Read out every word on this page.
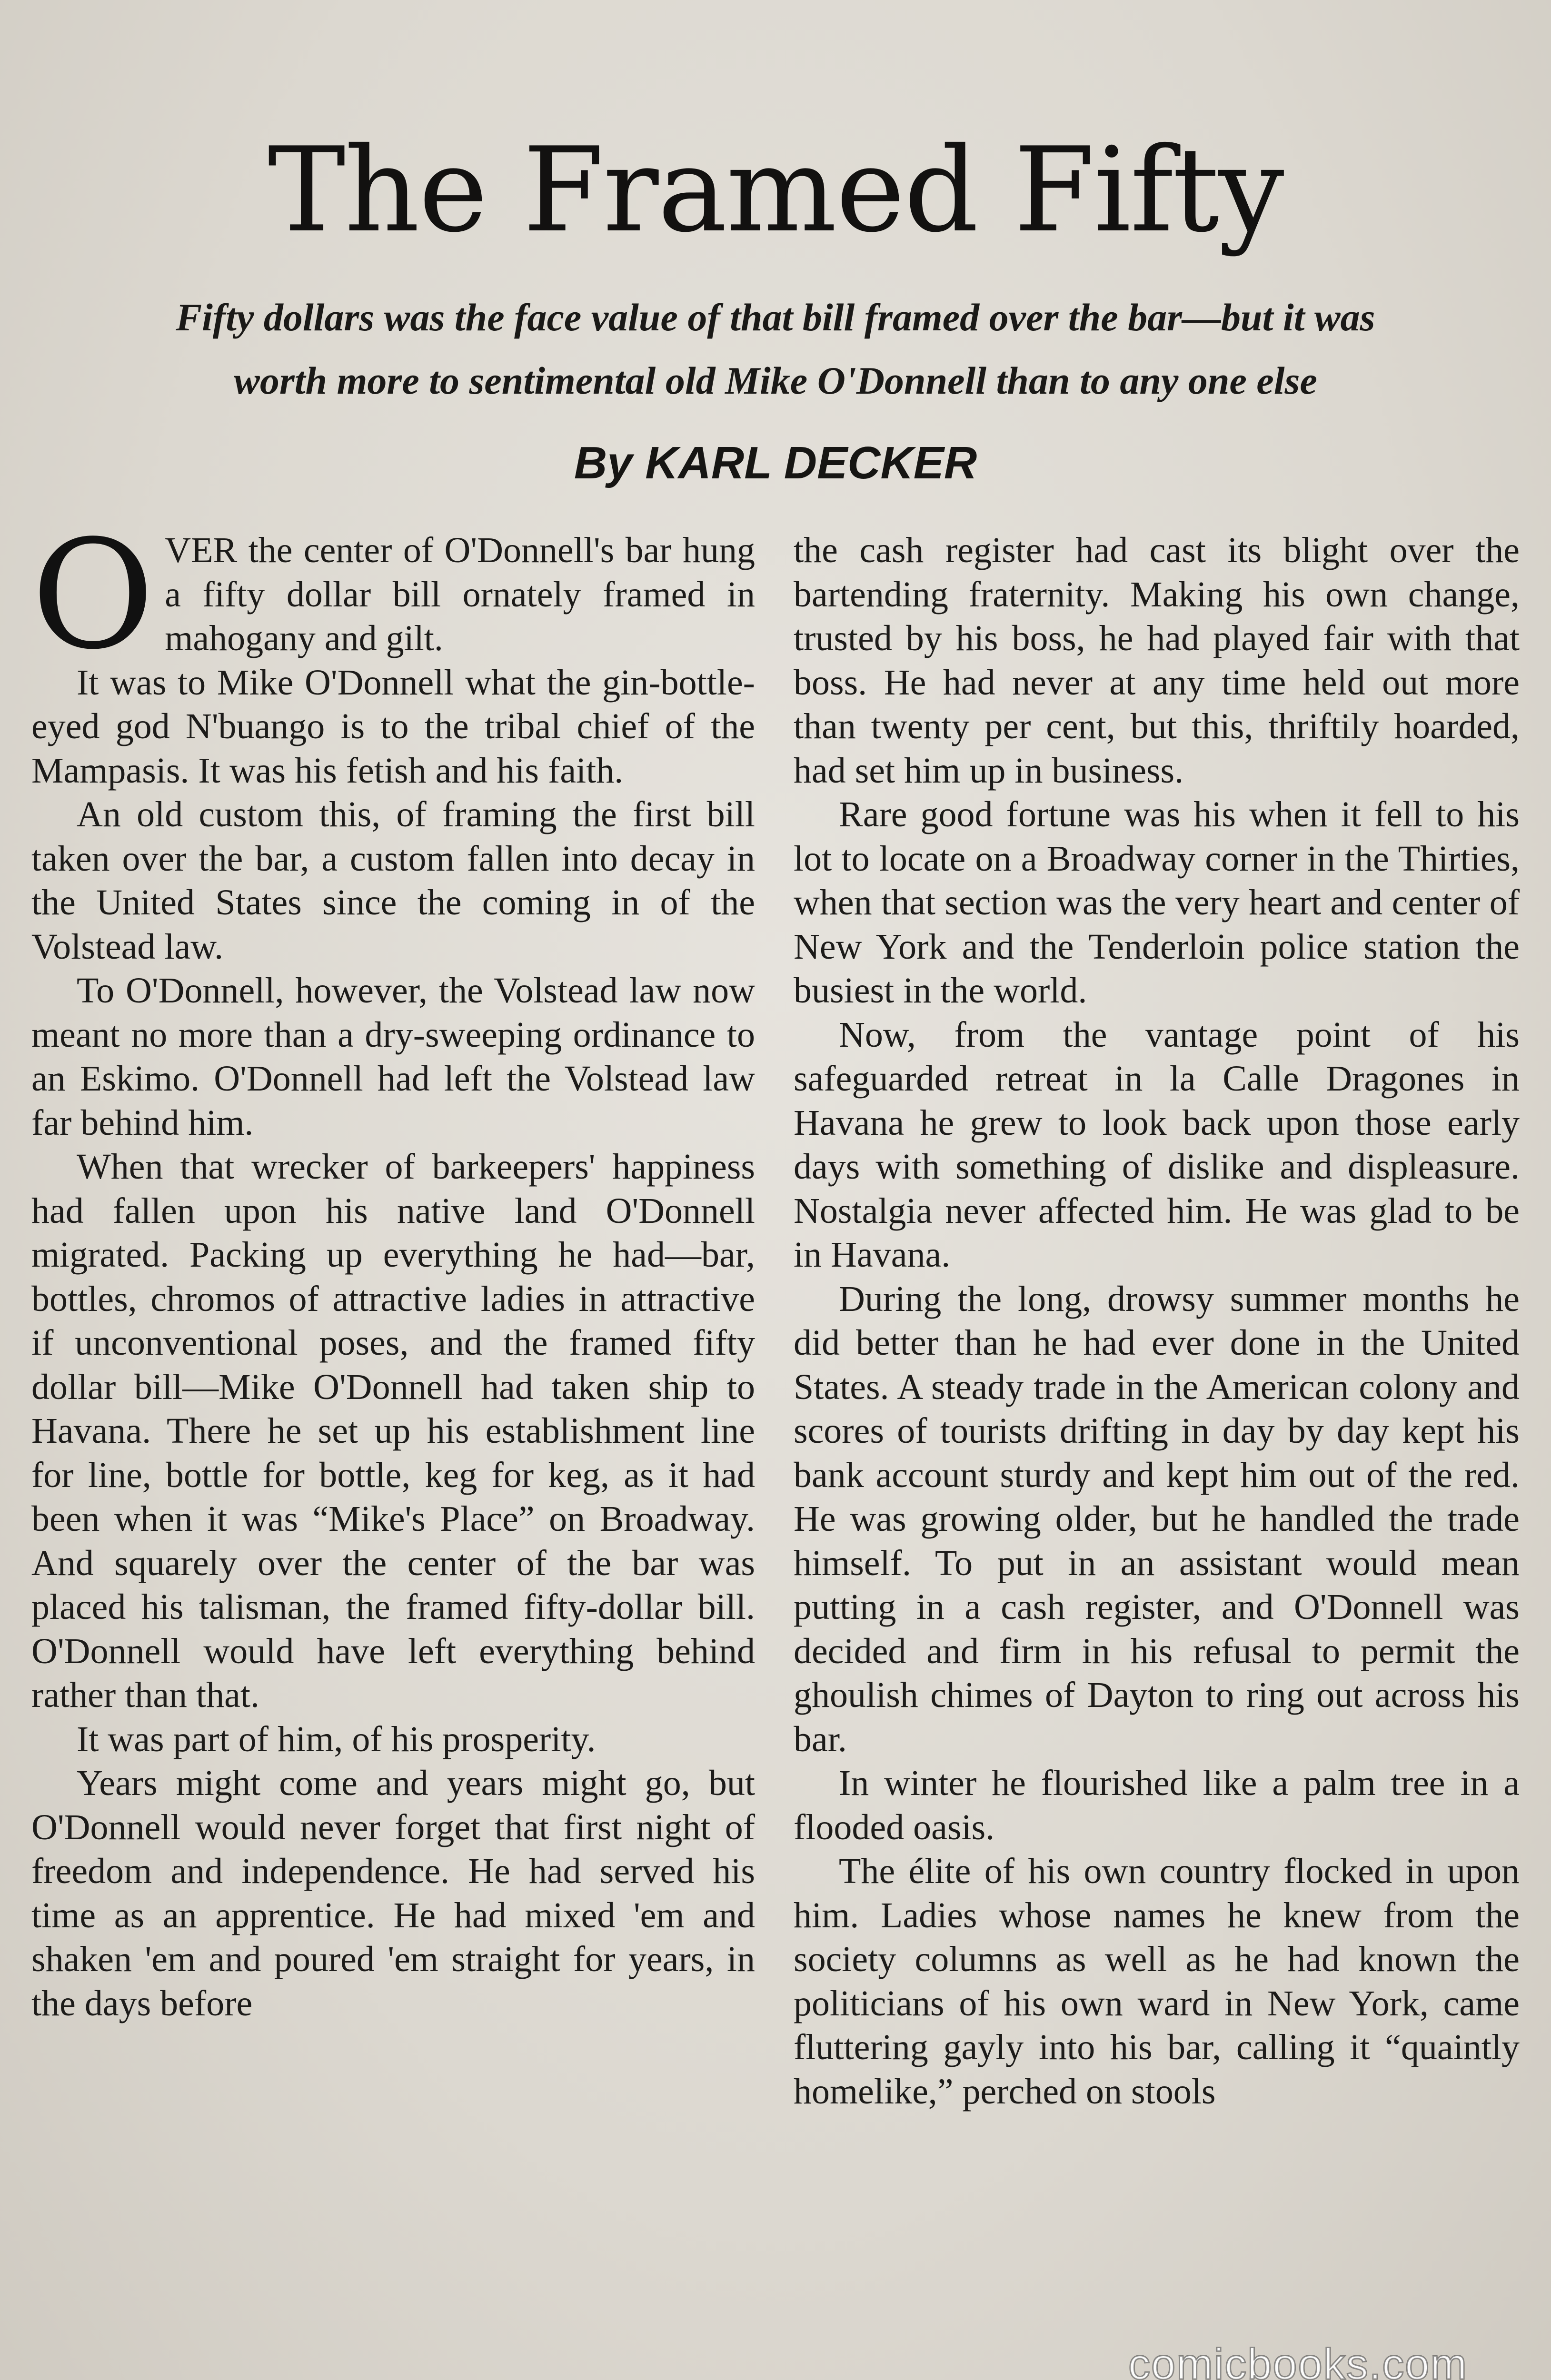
The Framed Fifty
Fifty dollars was the face value of that bill framed over the bar—but it was
worth more to sentimental old Mike O'Donnell than to any one else
By KARL DECKER

OVER the center of O'Donnell's bar hung a fifty dollar bill ornately framed in mahogany and gilt.

It was to Mike O'Donnell what the gin-bottle-eyed god N'buango is to the tribal chief of the Mampasis. It was his fetish and his faith.

An old custom this, of framing the first bill taken over the bar, a custom fallen into decay in the United States since the coming in of the Volstead law.

To O'Donnell, however, the Volstead law now meant no more than a dry-sweeping ordinance to an Eskimo. O'Donnell had left the Volstead law far behind him.

When that wrecker of barkeepers' happiness had fallen upon his native land O'Donnell migrated. Packing up everything he had—bar, bottles, chromos of attractive ladies in attractive if unconventional poses, and the framed fifty dollar bill—Mike O'Donnell had taken ship to Havana. There he set up his establishment line for line, bottle for bottle, keg for keg, as it had been when it was “Mike's Place” on Broadway. And squarely over the center of the bar was placed his talisman, the framed fifty-dollar bill. O'Donnell would have left everything behind rather than that.

It was part of him, of his prosperity.

Years might come and years might go, but O'Donnell would never forget that first night of freedom and independence. He had served his time as an apprentice. He had mixed 'em and shaken 'em and poured 'em straight for years, in the days before

the cash register had cast its blight over the bartending fraternity. Making his own change, trusted by his boss, he had played fair with that boss. He had never at any time held out more than twenty per cent, but this, thriftily hoarded, had set him up in business.

Rare good fortune was his when it fell to his lot to locate on a Broadway corner in the Thirties, when that section was the very heart and center of New York and the Tenderloin police station the busiest in the world.

Now, from the vantage point of his safeguarded retreat in la Calle Dragones in Havana he grew to look back upon those early days with something of dislike and displeasure. Nostalgia never affected him. He was glad to be in Havana.

During the long, drowsy summer months he did better than he had ever done in the United States. A steady trade in the American colony and scores of tourists drifting in day by day kept his bank account sturdy and kept him out of the red. He was growing older, but he handled the trade himself. To put in an assistant would mean putting in a cash register, and O'Donnell was decided and firm in his refusal to permit the ghoulish chimes of Dayton to ring out across his bar.

In winter he flourished like a palm tree in a flooded oasis.

The élite of his own country flocked in upon him. Ladies whose names he knew from the society columns as well as he had known the politicians of his own ward in New York, came fluttering gayly into his bar, calling it “quaintly homelike,” perched on stools

comicbooks.com
